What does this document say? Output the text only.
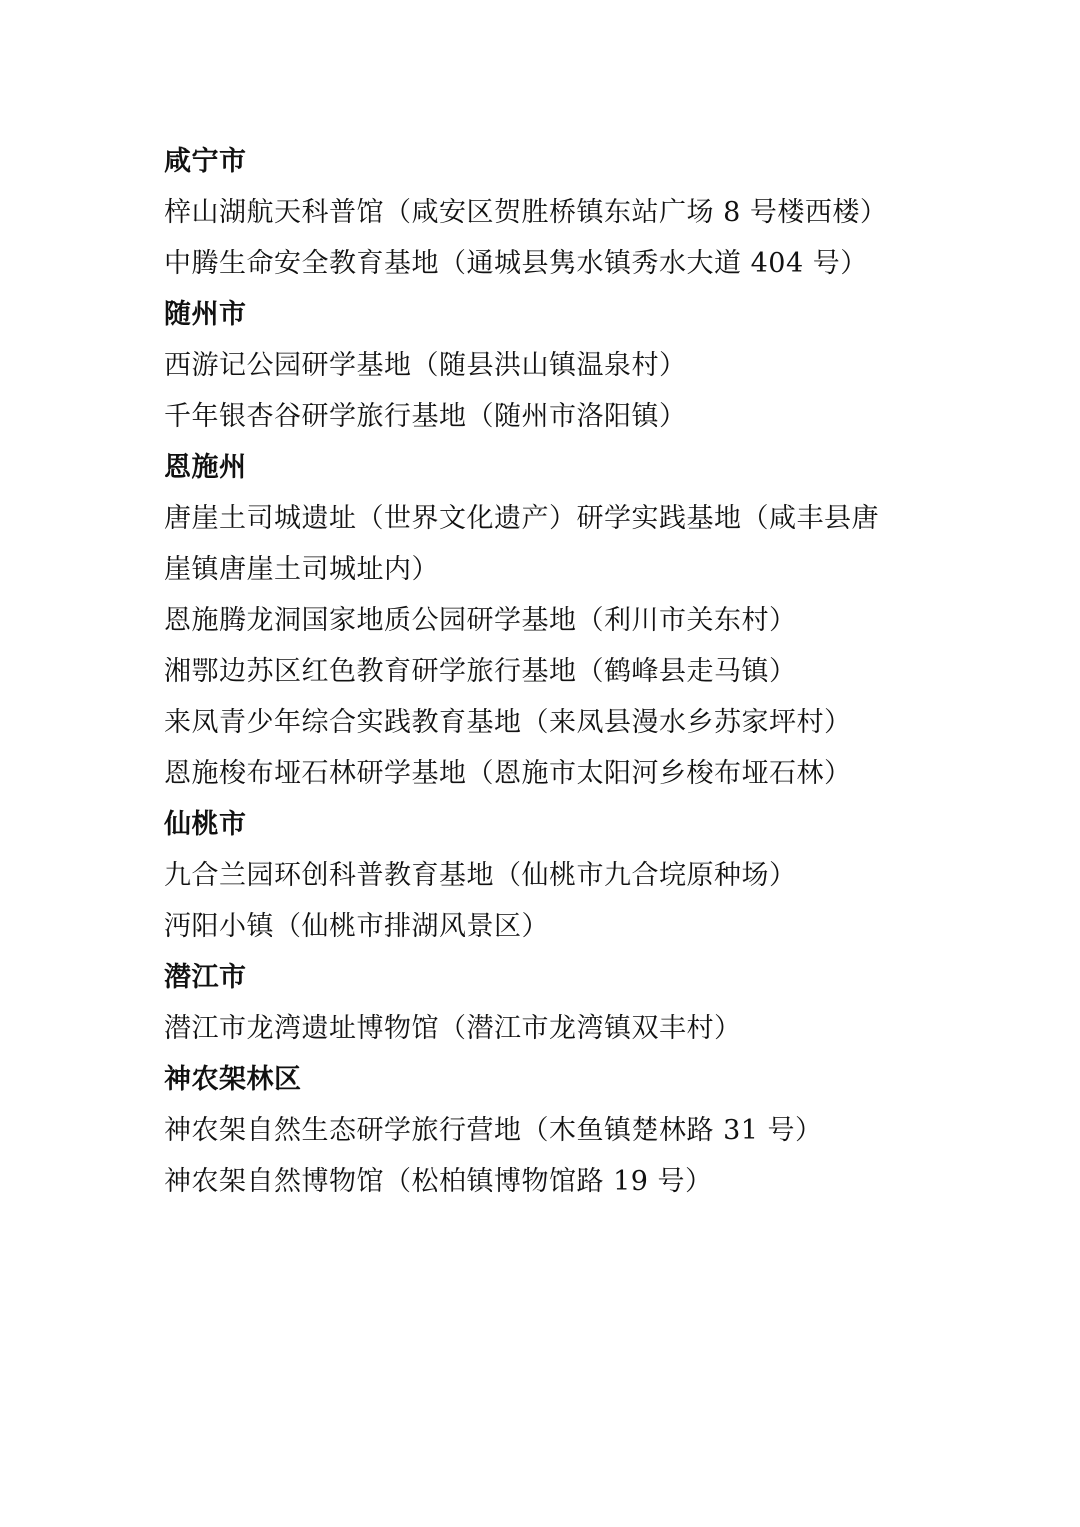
咸宁市
梓山湖航天科普馆（咸安区贺胜桥镇东站广场 8 号楼西楼）
中腾生命安全教育基地（通城县隽水镇秀水大道 404 号）
随州市
西游记公园研学基地（随县洪山镇温泉村）
千年银杏谷研学旅行基地（随州市洛阳镇）
恩施州
唐崖土司城遗址（世界文化遗产）研学实践基地（咸丰县唐
崖镇唐崖土司城址内）
恩施腾龙洞国家地质公园研学基地（利川市关东村）
湘鄂边苏区红色教育研学旅行基地（鹤峰县走马镇）
来凤青少年综合实践教育基地（来凤县漫水乡苏家坪村）
恩施梭布垭石林研学基地（恩施市太阳河乡梭布垭石林）
仙桃市
九合兰园环创科普教育基地（仙桃市九合垸原种场）
沔阳小镇（仙桃市排湖风景区）
潜江市
潜江市龙湾遗址博物馆（潜江市龙湾镇双丰村）
神农架林区
神农架自然生态研学旅行营地（木鱼镇楚林路 31 号）
神农架自然博物馆（松柏镇博物馆路 19 号）
